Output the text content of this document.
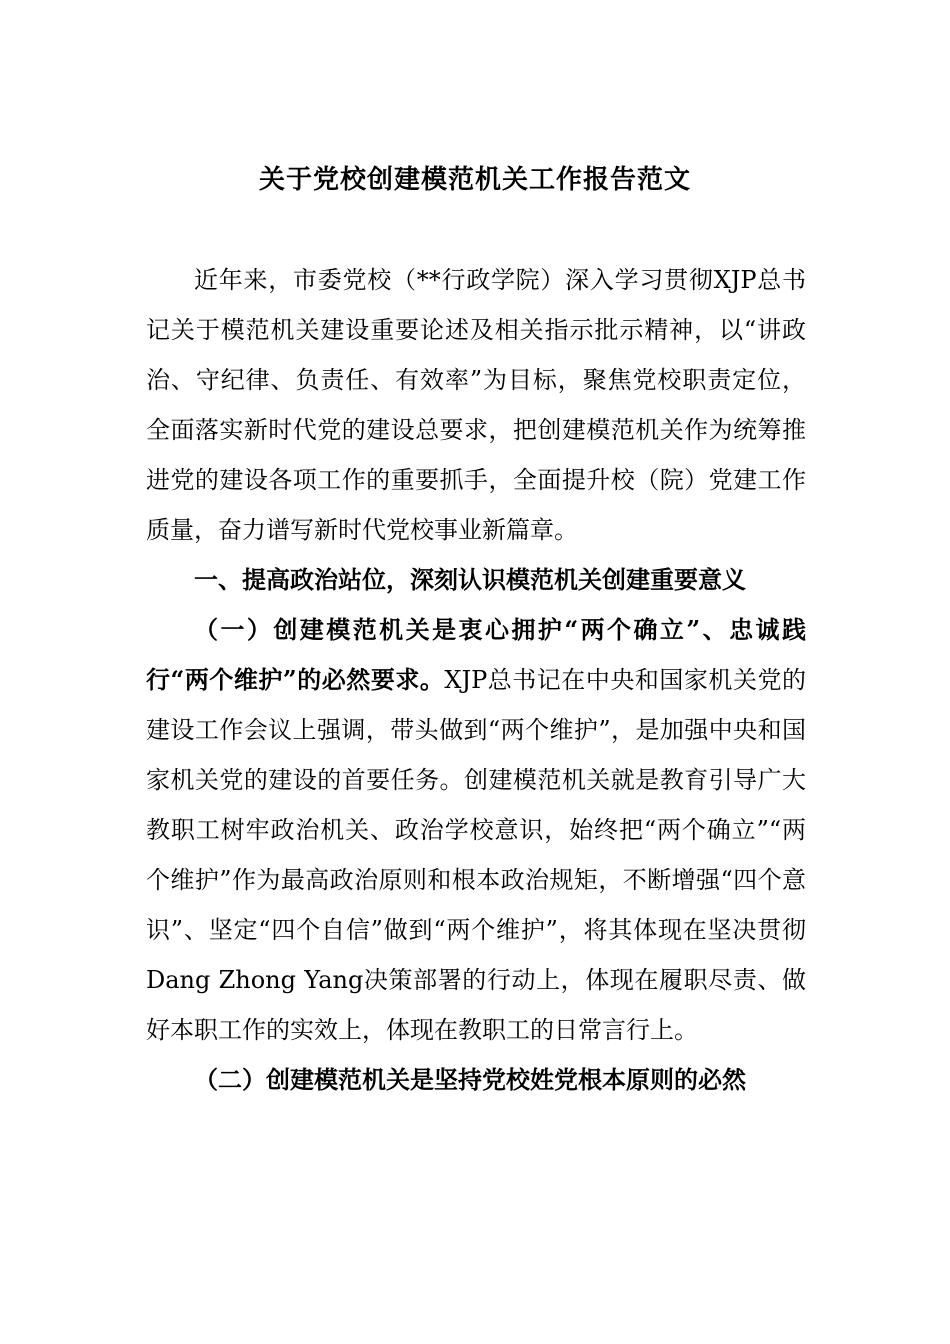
关于党校创建模范机关工作报告范文

近年来，市委党校（**行政学院）深入学习贯彻XJP总书记关于模范机关建设重要论述及相关指示批示精神，以“讲政治、守纪律、负责任、有效率”为目标，聚焦党校职责定位，全面落实新时代党的建设总要求，把创建模范机关作为统筹推进党的建设各项工作的重要抓手，全面提升校（院）党建工作质量，奋力谱写新时代党校事业新篇章。

一、提高政治站位，深刻认识模范机关创建重要意义

（一）创建模范机关是衷心拥护“两个确立”、忠诚践行“两个维护”的必然要求。XJP总书记在中央和国家机关党的建设工作会议上强调，带头做到“两个维护”，是加强中央和国家机关党的建设的首要任务。创建模范机关就是教育引导广大教职工树牢政治机关、政治学校意识，始终把“两个确立”“两个维护”作为最高政治原则和根本政治规矩，不断增强“四个意识”、坚定“四个自信”做到“两个维护”，将其体现在坚决贯彻Dang Zhong Yang决策部署的行动上，体现在履职尽责、做好本职工作的实效上，体现在教职工的日常言行上。

（二）创建模范机关是坚持党校姓党根本原则的必然
